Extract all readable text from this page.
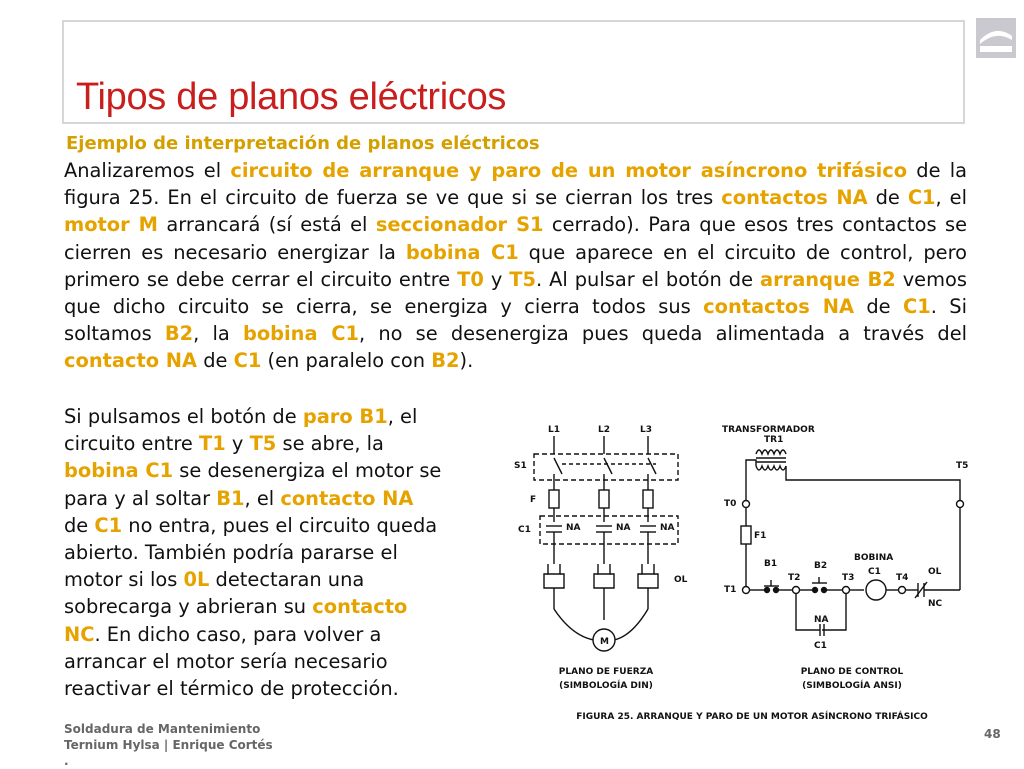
Tipos de planos eléctricos
Ejemplo de interpretación de planos eléctricos
Analizaremos el circuito de arranque y paro de un motor asíncrono trifásico de la figura 25. En el circuito de fuerza se ve que si se cierran los tres contactos NA de C1, el motor M arrancará (sí está el seccionador S1 cerrado). Para que esos tres contactos se cierren es necesario energizar la bobina C1 que aparece en el circuito de control, pero primero se debe cerrar el circuito entre T0 y T5. Al pulsar el botón de arranque B2 vemos que dicho circuito se cierra, se energiza y cierra todos sus contactos NA de C1. Si soltamos B2, la bobina C1, no se desenergiza pues queda alimentada a través del contacto NA de C1 (en paralelo con B2).
Si pulsamos el botón de paro B1, el
circuito entre T1 y T5 se abre, la
bobina C1 se desenergiza el motor se
para y al soltar B1, el contacto NA
de C1 no entra, pues el circuito queda
abierto. También podría pararse el
motor si los 0L detectaran una
sobrecarga y abrieran su contacto
NC. En dicho caso, para volver a
arrancar el motor sería necesario
reactivar el térmico de protección.
L1	L2	L3
S1
F
C1	NA	NA	NA
OL
M
PLANO DE FUERZA
(SIMBOLOGÍA DIN)
TRANSFORMADOR
TR1
T0
T5
F1
T1
B1	B2
T2	T3	T4
BOBINA
C1	OL
NC
NA
C1
PLANO DE CONTROL
(SIMBOLOGÍA ANSI)
FIGURA 25. ARRANQUE Y PARO DE UN MOTOR ASÍNCRONO TRIFÁSICO
Soldadura de Mantenimiento
Ternium Hylsa | Enrique Cortés
.
48
